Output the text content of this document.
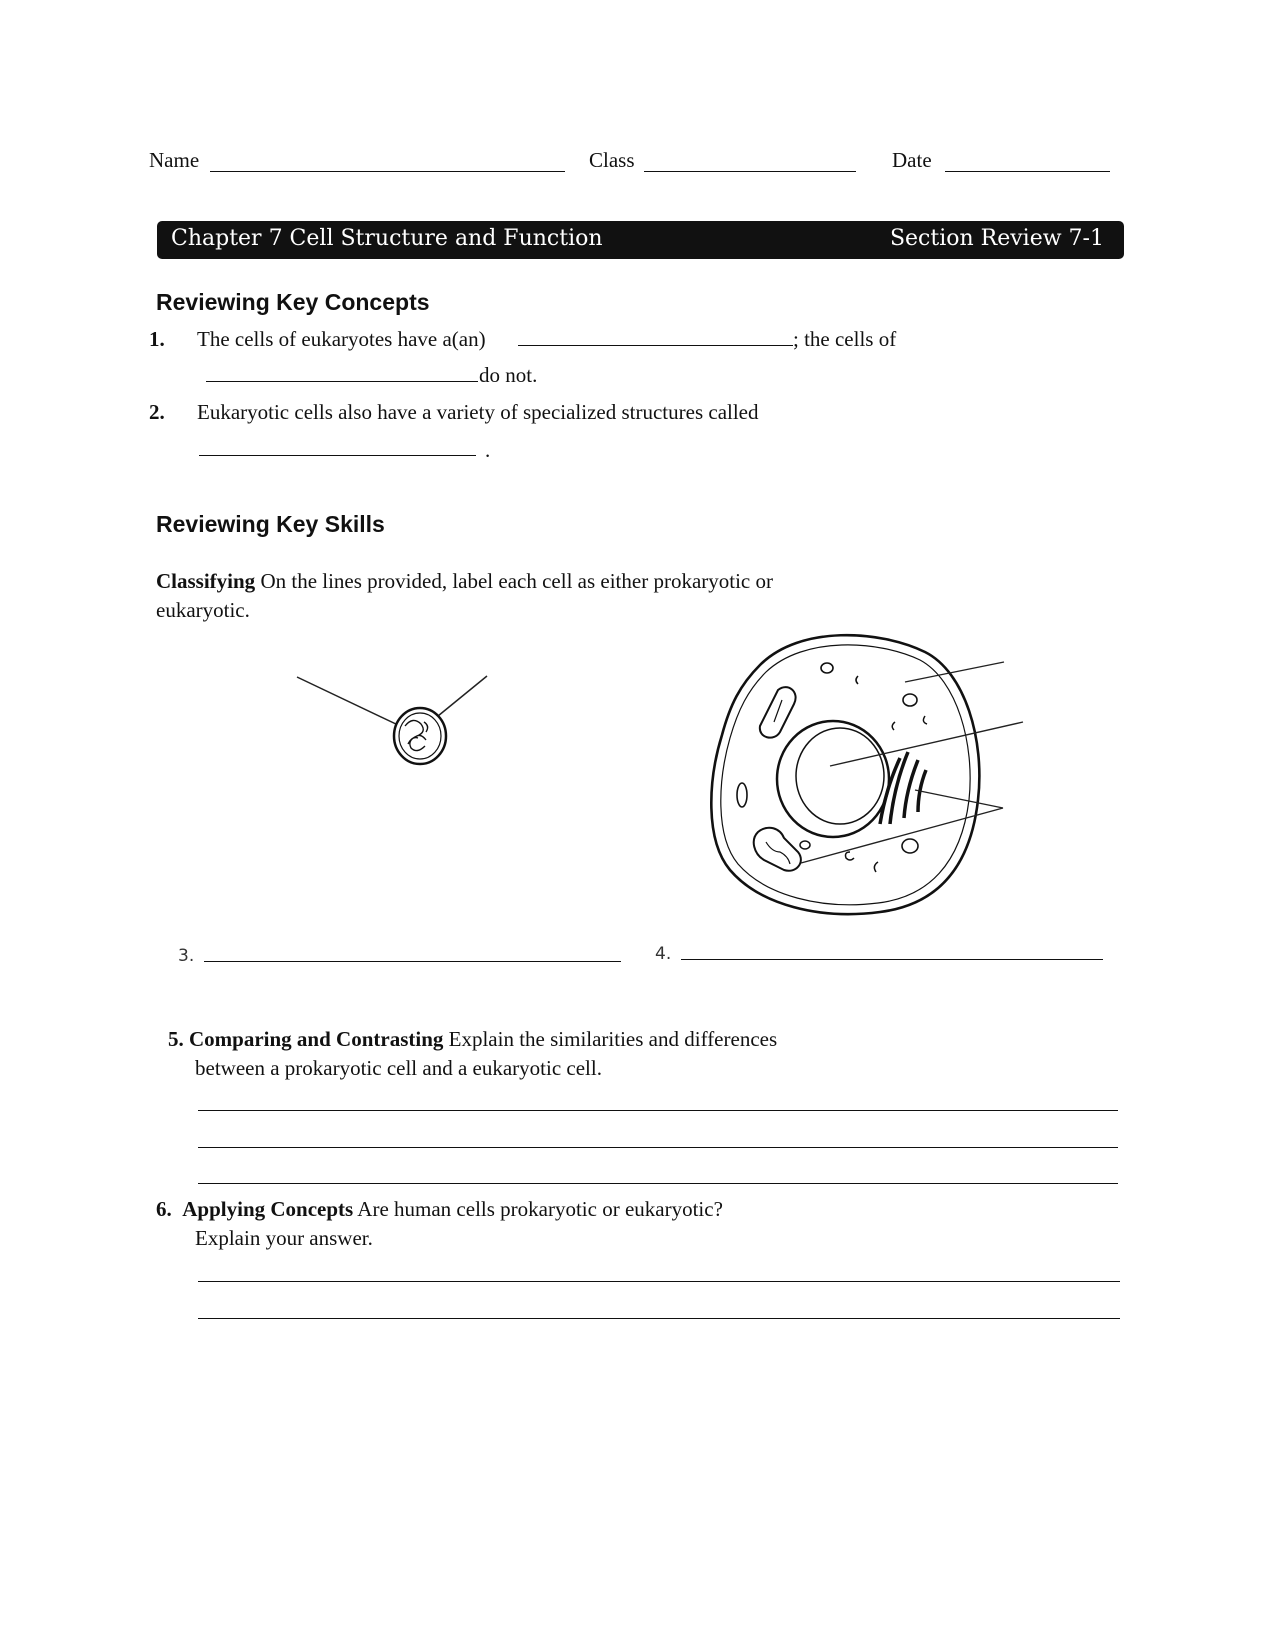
Name	Class	Date
Chapter 7 Cell Structure and Function	Section Review 7-1
Reviewing Key Concepts
1. The cells of eukaryotes have a(an)	; the cells of
do not.
2. Eukaryotic cells also have a variety of specialized structures called
.
Reviewing Key Skills
Classifying On the lines provided, label each cell as either prokaryotic or
eukaryotic.
3.	4.
5. Comparing and Contrasting Explain the similarities and differences
between a prokaryotic cell and a eukaryotic cell.
6. Applying Concepts Are human cells prokaryotic or eukaryotic?
Explain your answer.
